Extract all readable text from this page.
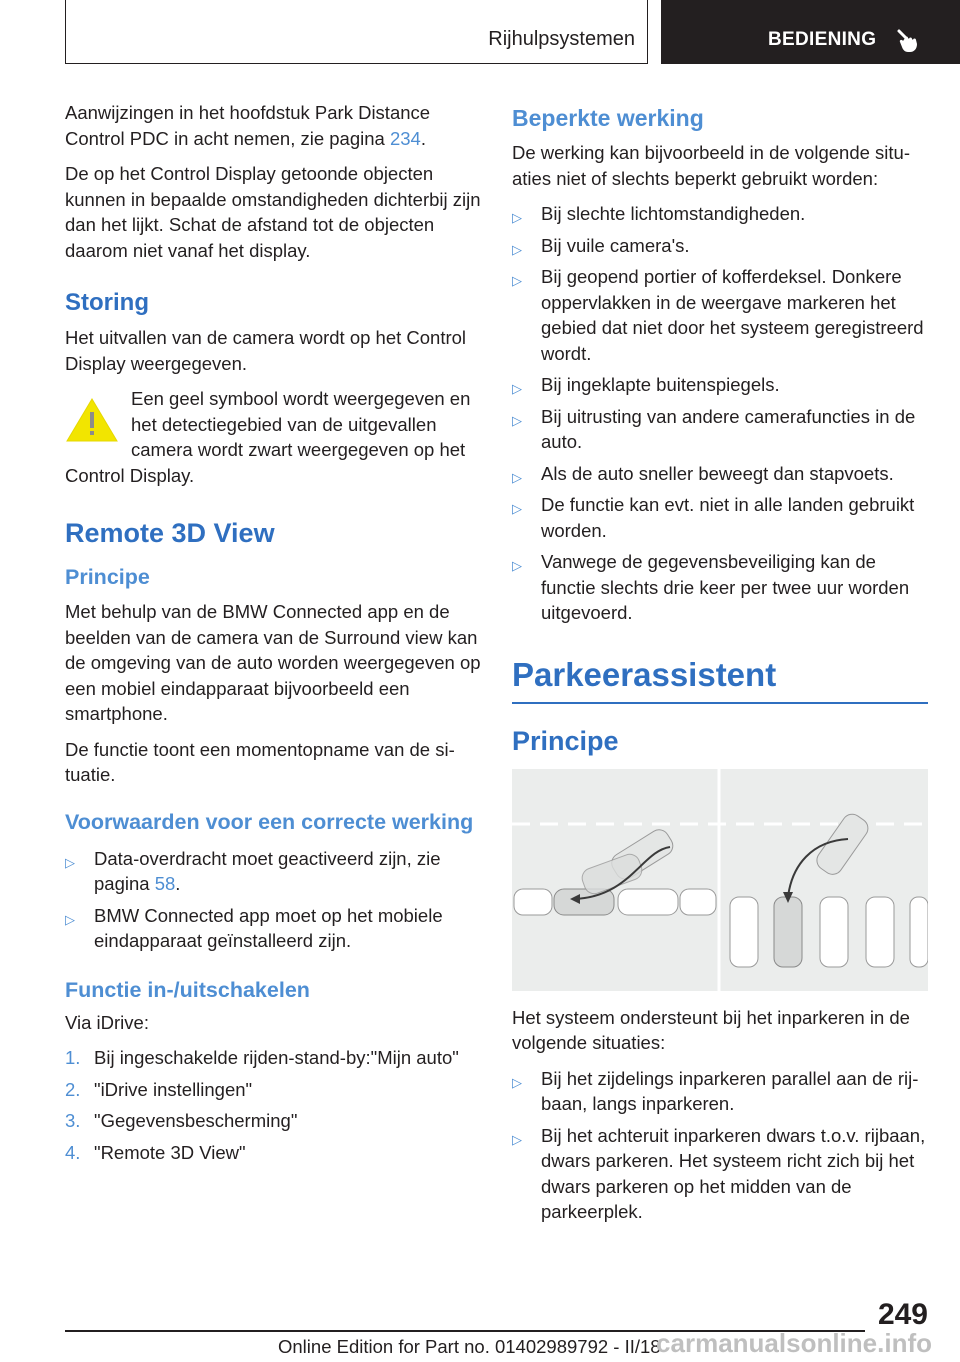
Rijhulpsystemen	BEDIENING

Aanwijzingen in het hoofdstuk Park Distance Control PDC in acht nemen, zie pagina 234.

De op het Control Display getoonde objecten kunnen in bepaalde omstandigheden dichterbij zijn dan het lijkt. Schat de afstand tot de objecten daarom niet vanaf het display.

Storing

Het uitvallen van de camera wordt op het Control Display weergegeven.

Een geel symbool wordt weergegeven en het detectiegebied van de uitgevallen camera wordt zwart weergegeven op het

Control Display.

Remote 3D View
Principe

Met behulp van de BMW Connected app en de beelden van de camera van de Surround view kan de omgeving van de auto worden weergegeven op een mobiel eindapparaat bijvoorbeeld een smartphone.

De functie toont een momentopname van de situatie.

Voorwaarden voor een correcte werking
▷ Data-overdracht moet geactiveerd zijn, zie pagina 58.
▷ BMW Connected app moet op het mobiele eindapparaat geïnstalleerd zijn.
Functie in-/uitschakelen

Via iDrive:

1. Bij ingeschakelde rijden-stand-by:"Mijn auto"
2. "iDrive instellingen"
3. "Gegevensbescherming"
4. "Remote 3D View"
Beperkte werking

De werking kan bijvoorbeeld in de volgende situaties niet of slechts beperkt gebruikt worden:

▷ Bij slechte lichtomstandigheden.
▷ Bij vuile camera's.
▷ Bij geopend portier of kofferdeksel. Donkere oppervlakken in de weergave markeren het gebied dat niet door het systeem geregistreerd wordt.
▷ Bij ingeklapte buitenspiegels.
▷ Bij uitrusting van andere camerafuncties in de auto.
▷ Als de auto sneller beweegt dan stapvoets.
▷ De functie kan evt. niet in alle landen gebruikt worden.
▷ Vanwege de gegevensbeveiliging kan de functie slechts drie keer per twee uur worden uitgevoerd.
Parkeerassistent
Principe

Het systeem ondersteunt bij het inparkeren in de volgende situaties:

▷ Bij het zijdelings inparkeren parallel aan de rijbaan, langs inparkeren.
▷ Bij het achteruit inparkeren dwars t.o.v. rijbaan, dwars parkeren. Het systeem richt zich bij het dwars parkeren op het midden van de parkeerplek.
249
Online Edition for Part no. 01402989792 - II/18
carmanualsonline.info
